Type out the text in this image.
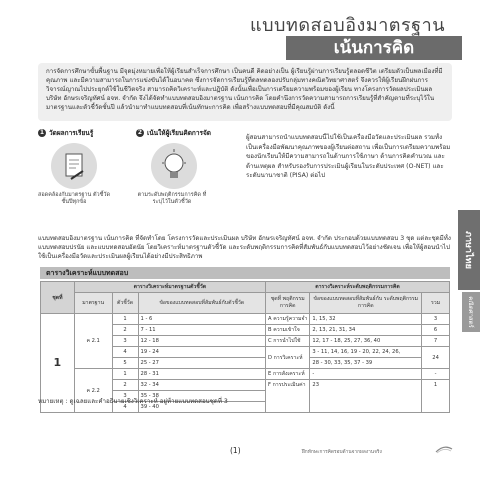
แบบทดสอบอิงมาตรฐาน
เน้นการคิด
การจัดการศึกษาขั้นพื้นฐาน มีจุดมุ่งหมายเพื่อให้ผู้เรียนสำเร็จการศึกษา เป็นคนดี คิดอย่างเป็น ผู้เรียนรู้ผ่านการเรียนรู้ตลอดชีวิต เตรียมตัวเป็นพลเมืองที่มีคุณภาพ และมีความสามารถในการแข่งขันได้ในอนาคต ซึ่งการจัดการเรียนรู้ที่ดลทดลองปรับกลุ่มทางคณิตวิทยาศาสตร์ จึงควรให้ผู้เรียนฝึกฝนการวิจารณ์ญาณไปประยุกต์ใช้ในชีวิตจริง สามารถคิดวิเคราะห์และปฏิบัติ ดังนั้นเพื่อเป็นการเตรียมความพร้อมของผู้เรียน ทางโครงการวัดผลประเมินผล บริษัท อักษรเจริญทัศน์ อจท. จำกัด จึงได้จัดทำแบบทดสอบอิงมาตรฐาน เน้นการคิด โดยคำนึงการวัดความสามารถการเรียนรู้ที่สำคัญตามที่ระบุไว้ในมาตรฐานและตัวชี้วัดชั้นปี แล้วนำมาทำแบบทดสอบที่เน้นทักษะการคิด เพื่อสร้างแบบทดสอบที่มีคุณสมบัติ ดังนี้
1 วัดผลการเรียนรู้
สอดคล้องกับมาตรฐาน ตัวชี้วัดชั้นปีทุกข้อ
2 เน้นให้ผู้เรียนคิดการจัด
ตามระดับพฤติกรรมการคิด ที่ระบุไว้ในตัวชี้วัด
ผู้สอนสามารถนำแบบทดสอบนี้ไปใช้เป็นเครื่องมือวัดและประเมินผล รวมทั้งเป็นเครื่องมือพัฒนาคุณภาพของผู้เรียนต่อสถาน เพื่อเป็นการเตรียมความพร้อมของนักเรียนให้มีความสามารถในด้านการใช้ภาษา ด้านการคิดคำนวณ และด้านเหตุผล สำหรับรองรับการประเมินผู้เรียนในระดับประเทศ (O-NET) และระดับนานาชาติ (PISA) ต่อไป
แบบทดสอบอิงมาตรฐาน เน้นการคิด ที่จัดทำโดย โครงการวัดและประเมินผล บริษัท อักษรเจริญทัศน์ อจท. จำกัด ประกอบด้วยแบบทดสอบ 3 ชุด แต่ละชุดมีทั้งแบบทดสอบปรนัย และแบบทดสอบอัตนัย โดยวิเคราะห์มาตรฐานตัวชี้วัด และระดับพฤติกรรมการคิดที่สัมพันธ์กับแบบทดสอบไว้อย่างชัดเจน เพื่อให้ผู้สอนนำไปใช้เป็นเครื่องมือวัดและประเมินผลผู้เรียนได้อย่างมีประสิทธิภาพ
ตารางวิเคราะห์แบบทดสอบ
ชุดที่	ตารางวิเคราะห์มาตรฐานตัวชี้วัด			ตารางวิเคราะห์ระดับพฤติกรรมการคิด		
	มาตรฐาน	ตัวชี้วัด	ข้อของแบบทดสอบที่สัมพันธ์กับตัวชี้วัด	ชุดที่ พฤติกรรม การคิด	ข้อของแบบทดสอบที่สัมพันธ์กับ ระดับพฤติกรรมการคิด	รวม
1	ค 2.1	1	1 - 6	A ความรู้ความจำ	1, 15, 32	3
		2	7 - 11	B ความเข้าใจ	2, 13, 21, 31, 34	6
		3	12 - 18	C การนำไปใช้	12, 17 - 18, 25, 27, 36, 40	7
		4	19 - 24	D การวิเคราะห์	3 - 11, 14, 16, 19 - 20, 22, 24, 26,	24
		5	25 - 27		28 - 30, 33, 35, 37 - 39	
	ค 2.2	1	28 - 31	E การสังเคราะห์	-	-
		2	32 - 34	F การประเมินค่า	23	1
		3	35 - 38			
		4	39 - 40			
หมายเหตุ : ดูเฉลยและคำอธิบายเชิงวิเคราะห์ อยู่ท้ายแบบทดสอบชุดที่ 3
(1)	ฝึกทักษะการคิดรอบด้านจากผลงานจริง
ภาษาไทย
คณิตศาสตร์
